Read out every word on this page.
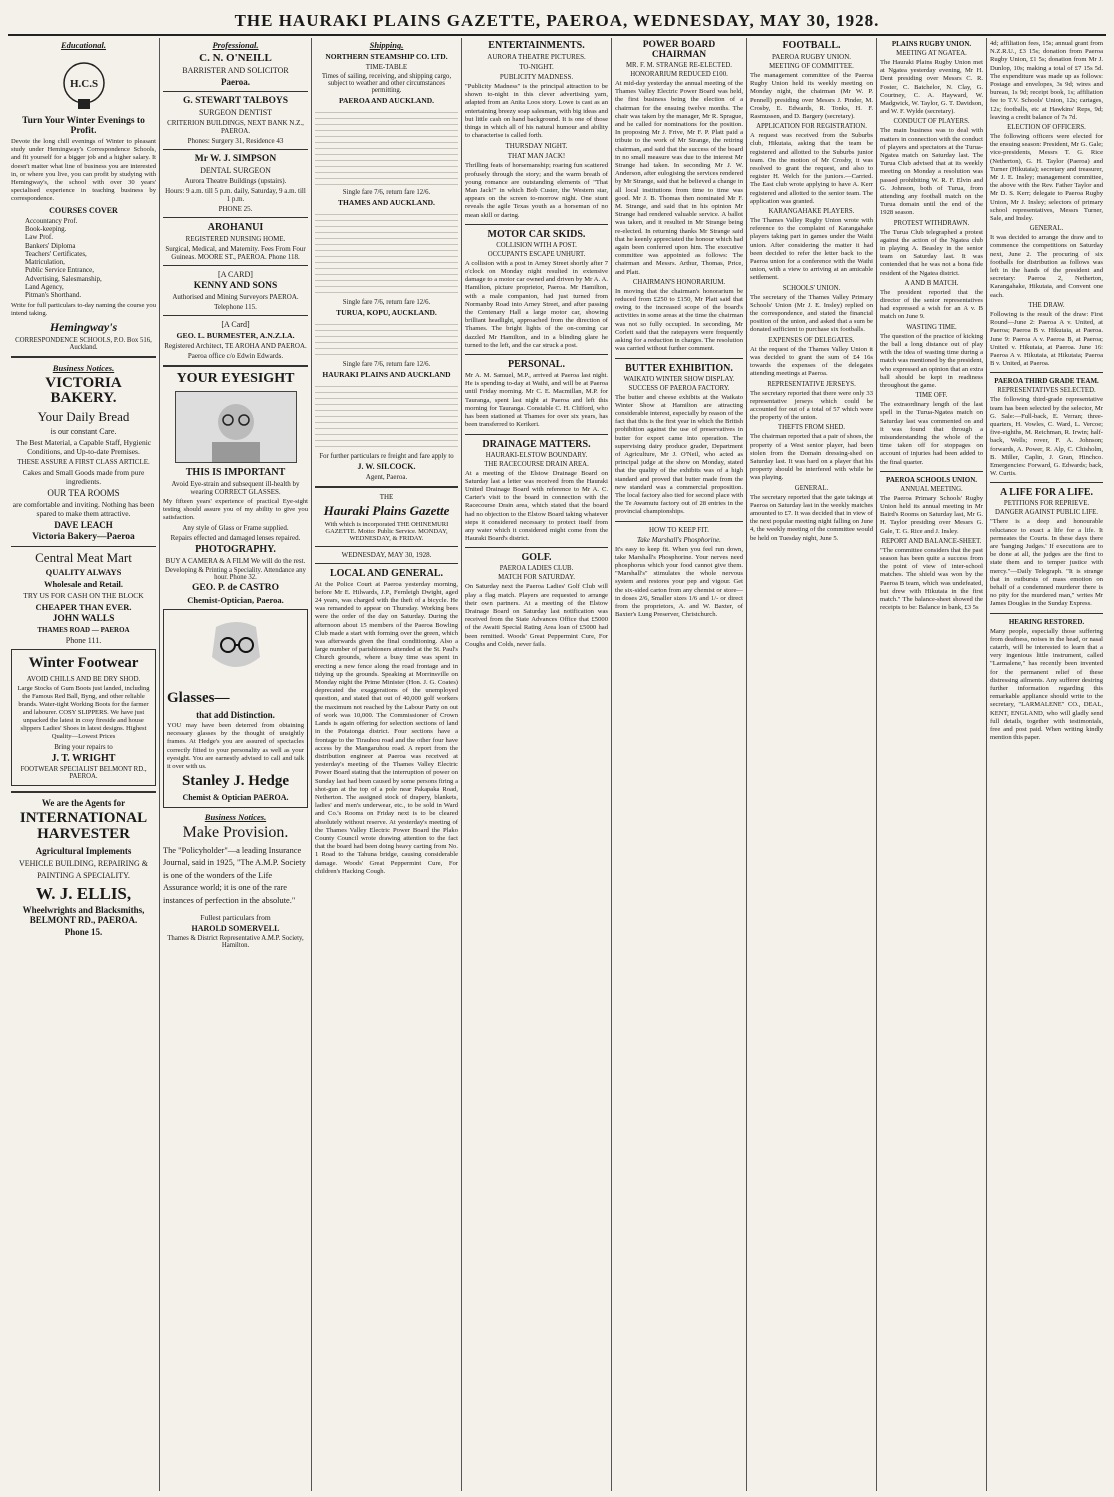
THE HAURAKI PLAINS GAZETTE, PAEROA, WEDNESDAY, MAY 30, 1928.
Educational.
H.C.S
Turn Your Winter Evenings to Profit.
Devote the long chill evenings of Winter to pleasant study under Hemingway's Correspondence Schools, and fit yourself for a bigger job and a higher salary. It doesn't matter what line of business you are interested in, or where you live, you can profit by studying with Hemingway's, the school with over 30 years' specialised experience in teaching business by correspondence.
COURSES COVER
Accountancy Prof.
Book-keeping.
Law Prof.
Bankers' Diploma
Teachers' Certificates,
Matriculation,
Public Service Entrance,
Advertising, Salesmanship,
Land Agency,
Pitman's Shorthand.
Write for full particulars to-day naming the course you intend taking.
Hemingway's
CORRESPONDENCE SCHOOLS, P.O. Box 516, Auckland.
Business Notices.
VICTORIA BAKERY.
Your Daily Bread
is our constant Care.
The Best Material, a Capable Staff, Hygienic Conditions, and Up-to-date Premises.
THESE ASSURE A FIRST CLASS ARTICLE.
Cakes and Small Goods made from pure ingredients.
OUR TEA ROOMS
are comfortable and inviting. Nothing has been spared to make them attractive.
DAVE LEACH
Victoria Bakery—Paeroa
Central Meat Mart
QUALITY ALWAYS
Wholesale and Retail.
TRY US FOR CASH ON THE BLOCK
CHEAPER THAN EVER.
JOHN WALLS
THAMES ROAD — PAEROA
Phone 111.
Winter Footwear
AVOID CHILLS AND BE DRY SHOD.
Large Stocks of Gum Boots just landed, including the Famous Red Ball, Byng, and other reliable brands. Water-tight Working Boots for the farmer and labourer. COSY SLIPPERS. We have just unpacked the latest in cosy fireside and house slippers Ladies' Shoes in latest designs. Highest Quality—Lowest Prices
Bring your repairs to
J. T. WRIGHT
FOOTWEAR SPECIALIST BELMONT RD., PAEROA.
We are the Agents for
INTERNATIONAL HARVESTER
Agricultural Implements
VEHICLE BUILDING, REPAIRING & PAINTING A SPECIALITY.
W. J. ELLIS,
Wheelwrights and Blacksmiths, BELMONT RD., PAEROA.
Phone 15.
Professional.
C. N. O'NEILL
BARRISTER AND SOLICITOR
Paeroa.
G. STEWART TALBOYS
SURGEON DENTIST
CRITERION BUILDINGS, NEXT BANK N.Z., PAEROA.
Phones: Surgery 31, Residence 43
Mr W. J. SIMPSON
DENTAL SURGEON
Aurora Theatre Buildings (upstairs).
Hours: 9 a.m. till 5 p.m. daily, Saturday, 9 a.m. till 1 p.m.
PHONE 25.
AROHANUI
REGISTERED NURSING HOME.
Surgical, Medical, and Maternity. Fees From Four Guineas. MOORE ST., PAEROA. Phone 118.
[A CARD]
KENNY AND SONS
Authorised and Mining Surveyors PAEROA.
Telephone 115.
[A Card]
GEO. L. BURMESTER, A.N.Z.I.A.
Registered Architect, TE AROHA AND PAEROA.
Paeroa office c/o Edwin Edwards.
YOUR EYESIGHT
THIS IS IMPORTANT
Avoid Eye-strain and subsequent ill-health by wearing CORRECT GLASSES.
My fifteen years' experience of practical Eye-sight testing should assure you of my ability to give you satisfaction.
Any style of Glass or Frame supplied.
Repairs effected and damaged lenses repaired.
PHOTOGRAPHY.
BUY A CAMERA & A FILM We will do the rest.
Developing & Printing a Speciality. Attendance any hour. Phone 32.
GEO. P. de CASTRO
Chemist-Optician, Paeroa.
Glasses—
that add Distinction.
YOU may have been deterred from obtaining necessary glasses by the thought of unsightly frames. At Hedge's you are assured of spectacles correctly fitted to your personality as well as your eyesight. You are earnestly advised to call and talk it over with us.
Stanley J. Hedge
Chemist & Optician PAEROA.
Business Notices.
Make Provision.
The "Policyholder"—a leading Insurance Journal, said in 1925, "The A.M.P. Society is one of the wonders of the Life Assurance world; it is one of the rare instances of perfection in the absolute."
Fullest particulars from
HAROLD SOMERVELL
Thames & District Representative A.M.P. Society, Hamilton.
Shipping.
NORTHERN STEAMSHIP CO. LTD.
TIME-TABLE
Times of sailing, receiving, and shipping cargo, subject to weather and other circumstances permitting.
PAEROA AND AUCKLAND.
Single fare 7/6, return fare 12/6.
THAMES AND AUCKLAND.
Single fare 7/6, return fare 12/6.
TURUA, KOPU, AUCKLAND.
Single fare 7/6, return fare 12/6.
HAURAKI PLAINS AND AUCKLAND
For further particulars re freight and fare apply to
J. W. SILCOCK.
Agent, Paeroa.
THE
Hauraki Plains Gazette
With which is incorporated THE OHINEMURI GAZETTE. Motto: Public Service. MONDAY, WEDNESDAY, & FRIDAY.
WEDNESDAY, MAY 30, 1928.
LOCAL AND GENERAL.
At the Police Court at Paeroa yesterday morning, before Mr E. Hilwards, J.P., Fernleigh Dwight, aged 24 years, was charged with the theft of a bicycle. He was remanded to appear on Thursday. Working bees were the order of the day on Saturday. During the afternoon about 15 members of the Paeroa Bowling Club made a start with forming over the green, which was afterwards given the final conditioning. Also a large number of parishioners attended at the St. Paul's Church grounds, where a busy time was spent in erecting a new fence along the road frontage and in tidying up the grounds. Speaking at Morrinsville on Monday night the Prime Minister (Hon. J. G. Coates) deprecated the exaggerations of the unemployed question, and stated that out of 40,000 golf workers the maximum not reached by the Labour Party on out of work was 10,000. The Commissioner of Crown Lands is again offering for selection sections of land in the Potatonga district. Four sections have a frontage to the Tirauhou road and the other four have access by the Mangaruhou road. A report from the distribution engineer at Paeroa was received at yesterday's meeting of the Thames Valley Electric Power Board stating that the interruption of power on Sunday last had been caused by some persons firing a shot-gun at the top of a pole near Pakapaka Road, Netherton. The assigned stock of drapery, blankets, ladies' and men's underwear, etc., to be sold in Ward and Co.'s Rooms on Friday next is to be cleared absolutely without reserve. At yesterday's meeting of the Thames Valley Electric Power Board the Plako County Council wrote drawing attention to the fact that the board had been doing heavy carting from No. 1 Road to the Tahuna bridge, causing considerable damage. Woods' Great Peppermint Cure, For children's Hacking Cough.
ENTERTAINMENTS.
AURORA THEATRE PICTURES.
TO-NIGHT.
PUBLICITY MADNESS.
"Publicity Madness" is the principal attraction to be shown to-night in this clever advertising yarn, adapted from an Anita Loos story. Lowe is cast as an entertaining breezy soap salesman, with big ideas and but little cash on hand background. It is one of those things in which all of his natural humour and ability to characterise is called forth.
THURSDAY NIGHT.
THAT MAN JACK!
Thrilling feats of horsemanship; roaring fun scattered profusely through the story; and the warm breath of young romance are outstanding elements of "That Man Jack!" in which Bob Custer, the Western star, appears on the screen to-morrow night. One stunt reveals the agile Texas youth as a horseman of no mean skill or daring.
MOTOR CAR SKIDS.
COLLISION WITH A POST.
OCCUPANTS ESCAPE UNHURT.
A collision with a post in Arney Street shortly after 7 o'clock on Monday night resulted in extensive damage to a motor car owned and driven by Mr A. A. Hamilton, picture proprietor, Paeroa. Mr Hamilton, with a male companion, had just turned from Normanby Road into Arney Street, and after passing the Centenary Hall a large motor car, showing brilliant headlight, approached from the direction of Thames. The bright lights of the on-coming car dazzled Mr Hamilton, and in a blinding glare he turned to the left, and the car struck a post.
PERSONAL.
Mr A. M. Samuel, M.P., arrived at Paeroa last night. He is spending to-day at Waihi, and will be at Paeroa until Friday morning. Mr C. E. Macmillan, M.P. for Tauranga, spent last night at Paeroa and left this morning for Tauranga. Constable C. H. Clifford, who has been stationed at Thames for over six years, has been transferred to Kerikeri.
DRAINAGE MATTERS.
HAURAKI-ELSTOW BOUNDARY.
THE RACECOURSE DRAIN AREA.
At a meeting of the Elstow Drainage Board on Saturday last a letter was received from the Hauraki United Drainage Board with reference to Mr A. C. Carter's visit to the board in connection with the Racecourse Drain area, which stated that the board had no objection to the Elstow Board taking whatever steps it considered necessary to protect itself from any water which it considered might come from the Hauraki Board's district.
GOLF.
PAEROA LADIES CLUB.
MATCH FOR SATURDAY.
On Saturday next the Paeroa Ladies' Golf Club will play a flag match. Players are requested to arrange their own partners. At a meeting of the Elstow Drainage Board on Saturday last notification was received from the State Advances Office that £5000 of the Awaiti Special Rating Area loan of £5000 had been remitted. Woods' Great Peppermint Cure, For Coughs and Colds, never fails.
POWER BOARD CHAIRMAN
MR. F. M. STRANGE RE-ELECTED.
HONORARIUM REDUCED £100.
At mid-day yesterday the annual meeting of the Thames Valley Electric Power Board was held, the first business being the election of a chairman for the ensuing twelve months. The chair was taken by the manager, Mr R. Sprague, and he called for nominations for the position. In proposing Mr J. Frive, Mr F. P. Platt paid a tribute to the work of Mr Strange, the retiring chairman, and said that the success of the board in no small measure was due to the interest Mr Strange had taken. In seconding Mr J. W. Anderson, after eulogising the services rendered by Mr Strange, said that he believed a change in all local institutions from time to time was good. Mr J. B. Thomas then nominated Mr F. M. Strange, and said that in his opinion Mr Strange had rendered valuable service. A ballot was taken, and it resulted in Mr Strange being re-elected. In returning thanks Mr Strange said that he keenly appreciated the honour which had again been conferred upon him. The executive committee was appointed as follows: The chairman and Messrs. Arthur, Thomas, Price, and Platt.
CHAIRMAN'S HONORARIUM.
In moving that the chairman's honorarium be reduced from £250 to £150, Mr Platt said that owing to the increased scope of the board's activities in some areas at the time the chairman was not so fully occupied. In seconding, Mr Corlett said that the ratepayers were frequently asking for a reduction in charges. The resolution was carried without further comment.
BUTTER EXHIBITION.
WAIKATO WINTER SHOW DISPLAY.
SUCCESS OF PAEROA FACTORY.
The butter and cheese exhibits at the Waikato Winter Show at Hamilton are attracting considerable interest, especially by reason of the fact that this is the first year in which the British prohibition against the use of preservatives in butter for export came into operation. The supervising dairy produce grader, Department of Agriculture, Mr J. O'Neil, who acted as principal judge at the show on Monday, stated that the quality of the exhibits was of a high standard and proved that butter made from the new standard was a commercial proposition. The local factory also tied for second place with the Te Awamutu factory out of 28 entries in the provincial championships.
HOW TO KEEP FIT.
Take Marshall's Phosphorine.
It's easy to keep fit. When you feel run down, take Marshall's Phosphorine. Your nerves need phosphorus which your food cannot give them. "Marshall's" stimulates the whole nervous system and restores your pep and vigour. Get the six-sided carton from any chemist or store—in doses 2/6, Smaller sizes 1/6 and 1/- or direct from the proprietors, A. and W. Baxter, of Baxter's Lung Preserver, Christchurch.
FOOTBALL.
PAEROA RUGBY UNION.
MEETING OF COMMITTEE.
The management committee of the Paeroa Rugby Union held its weekly meeting on Monday night, the chairman (Mr W. P. Pennell) presiding over Messrs J. Pinder, M. Crosby, E. Edwards, R. Tonks, H. F. Rasmussen, and D. Bargery (secretary).
APPLICATION FOR REGISTRATION.
A request was received from the Suburbs club, Hikutaia, asking that the team be registered and allotted to the Suburbs junior team. On the motion of Mr Crosby, it was resolved to grant the request, and also to register H. Welch for the juniors.—Carried. The East club wrote applying to have A. Kerr registered and allotted to the senior team. The application was granted.
KARANGAHAKE PLAYERS.
The Thames Valley Rugby Union wrote with reference to the complaint of Karangahake players taking part in games under the Waihi union. After considering the matter it had been decided to refer the letter back to the Paeroa union for a conference with the Waihi union, with a view to arriving at an amicable settlement.
SCHOOLS' UNION.
The secretary of the Thames Valley Primary Schools' Union (Mr J. E. Insley) replied on the correspondence, and stated the financial position of the union, and asked that a sum be donated sufficient to purchase six footballs.
EXPENSES OF DELEGATES.
At the request of the Thames Valley Union it was decided to grant the sum of £4 16s towards the expenses of the delegates attending meetings at Paeroa.
REPRESENTATIVE JERSEYS.
The secretary reported that there were only 33 representative jerseys which could be accounted for out of a total of 57 which were the property of the union.
THEFTS FROM SHED.
The chairman reported that a pair of shoes, the property of a West senior player, had been stolen from the Domain dressing-shed on Saturday last. It was hard on a player that his property should be interfered with while he was playing.
GENERAL.
The secretary reported that the gate takings at Paeroa on Saturday last in the weekly matches amounted to £7. It was decided that in view of the next popular meeting night falling on June 4, the weekly meeting of the committee would be held on Tuesday night, June 5.
PLAINS RUGBY UNION.
MEETING AT NGATEA.
The Hauraki Plains Rugby Union met at Ngatea yesterday evening, Mr H. Dent presiding over Messrs C. R. Foster, C. Batchelor, N. Clay, G. Courtney, C. A. Hayward, W. Madgwick, W. Taylor, G. T. Davidson, and W. F. Wylde (secretary).
CONDUCT OF PLAYERS.
The main business was to deal with matters in connection with the conduct of players and spectators at the Turua-Ngatea match on Saturday last. The Turua Club advised that at its weekly meeting on Monday a resolution was passed prohibiting W. R. F. Elvin and G. Johnson, both of Turua, from attending any football match on the Turua domain until the end of the 1928 season.
PROTEST WITHDRAWN.
The Turua Club telegraphed a protest against the action of the Ngatea club in playing A. Beasley in the senior team on Saturday last. It was contended that he was not a bona fide resident of the Ngatea district.
A AND B MATCH.
The president reported that the director of the senior representatives had expressed a wish for an A v. B match on June 9.
WASTING TIME.
The question of the practice of kicking the ball a long distance out of play with the idea of wasting time during a match was mentioned by the president, who expressed an opinion that an extra ball should be kept in readiness throughout the game.
TIME OFF.
The extraordinary length of the last spell in the Turua-Ngatea match on Saturday last was commented on and it was found that through a misunderstanding the whole of the time taken off for stoppages on account of injuries had been added to the final quarter.
PAEROA SCHOOLS UNION.
ANNUAL MEETING.
The Paeroa Primary Schools' Rugby Union held its annual meeting in Mr Baird's Rooms on Saturday last, Mr G. H. Taylor presiding over Messrs G. Gale, T. G. Rice and J. Insley.
REPORT AND BALANCE-SHEET.
"The committee considers that the past season has been quite a success from the point of view of inter-school matches. The shield was won by the Paeroa B team, which was undefeated, but drew with Hikutaia in the first match." The balance-sheet showed the receipts to be: Balance in bank, £3 5s
4d; affiliation fees, 15s; annual grant from N.Z.R.U., £3 15s; donation from Paeroa Rugby Union, £1 5s; donation from Mr J. Dunlop, 10s; making a total of £7 15s 5d. The expenditure was made up as follows: Postage and envelopes, 3s 9d; wires and bureau, 1s 9d; receipt book, 1s; affiliation fee to T.V. Schools' Union, 12s; cartages, 12s; footballs, etc at Hawkins' Reps, 9d; leaving a credit balance of 7s 7d.
ELECTION OF OFFICERS.
The following officers were elected for the ensuing season: President, Mr G. Gale; vice-presidents, Messrs T. G. Rice (Netherton), G. H. Taylor (Paeroa) and Turner (Hikutaia); secretary and treasurer, Mr J. E. Insley; management committee, the above with the Rev. Father Taylor and Mr D. S. Kerr; delegate to Paeroa Rugby Union, Mr J. Insley; selectors of primary school representatives, Messrs Turner, Sale, and Insley.
GENERAL.
It was decided to arrange the draw and to commence the competitions on Saturday next, June 2. The procuring of six footballs for distribution as follows was left in the hands of the president and secretary: Paeroa 2, Netherton, Karangahake, Hikutaia, and Convent one each.
THE DRAW.
Following is the result of the draw: First Round—June 2: Paeroa A v. United, at Paeroa; Paeroa B v. Hikutaia, at Paeroa. June 9: Paeroa A v. Paeroa B, at Paeroa; United v. Hikutaia, at Paeroa. June 16: Paeroa A v. Hikutaia, at Hikutaia; Paeroa B v. United, at Paeroa.
PAEROA THIRD GRADE TEAM.
REPRESENTATIVES SELECTED.
The following third-grade representative team has been selected by the selector, Mr G. Sale:—Full-back, E. Verran; three-quarters, H. Vowles, C. Ward, L. Vercoe; five-eighths, M. Reichman, R. Irwin; half-back, Wells; rover, F. A. Johnson; forwards, A. Power, R. Alp, C. Chisholm, B. Miller, Caplin, J. Gran, Hinchco. Emergencies: Forward, G. Edwards; back, W. Curtis.
A LIFE FOR A LIFE.
PETITIONS FOR REPRIEVE.
DANGER AGAINST PUBLIC LIFE.
"There is a deep and honourable reluctance to exact a life for a life. It permeates the Courts. In these days there are 'hanging Judges.' If executions are to be done at all, the judges are the first to state them and to temper justice with mercy."—Daily Telegraph. "It is strange that in outbursts of mass emotion on behalf of a condemned murderer there is no pity for the murdered man," writes Mr James Douglas in the Sunday Express.
HEARING RESTORED.
Many people, especially those suffering from deafness, noises in the head, or nasal catarrh, will be interested to learn that a very ingenious little instrument, called "Larmalene," has recently been invented for the permanent relief of these distressing ailments. Any sufferer desiring further information regarding this remarkable appliance should write to the secretary, "LARMALENE" CO., DEAL, KENT, ENGLAND, who will gladly send full details, together with testimonials, free and post paid. When writing kindly mention this paper.
